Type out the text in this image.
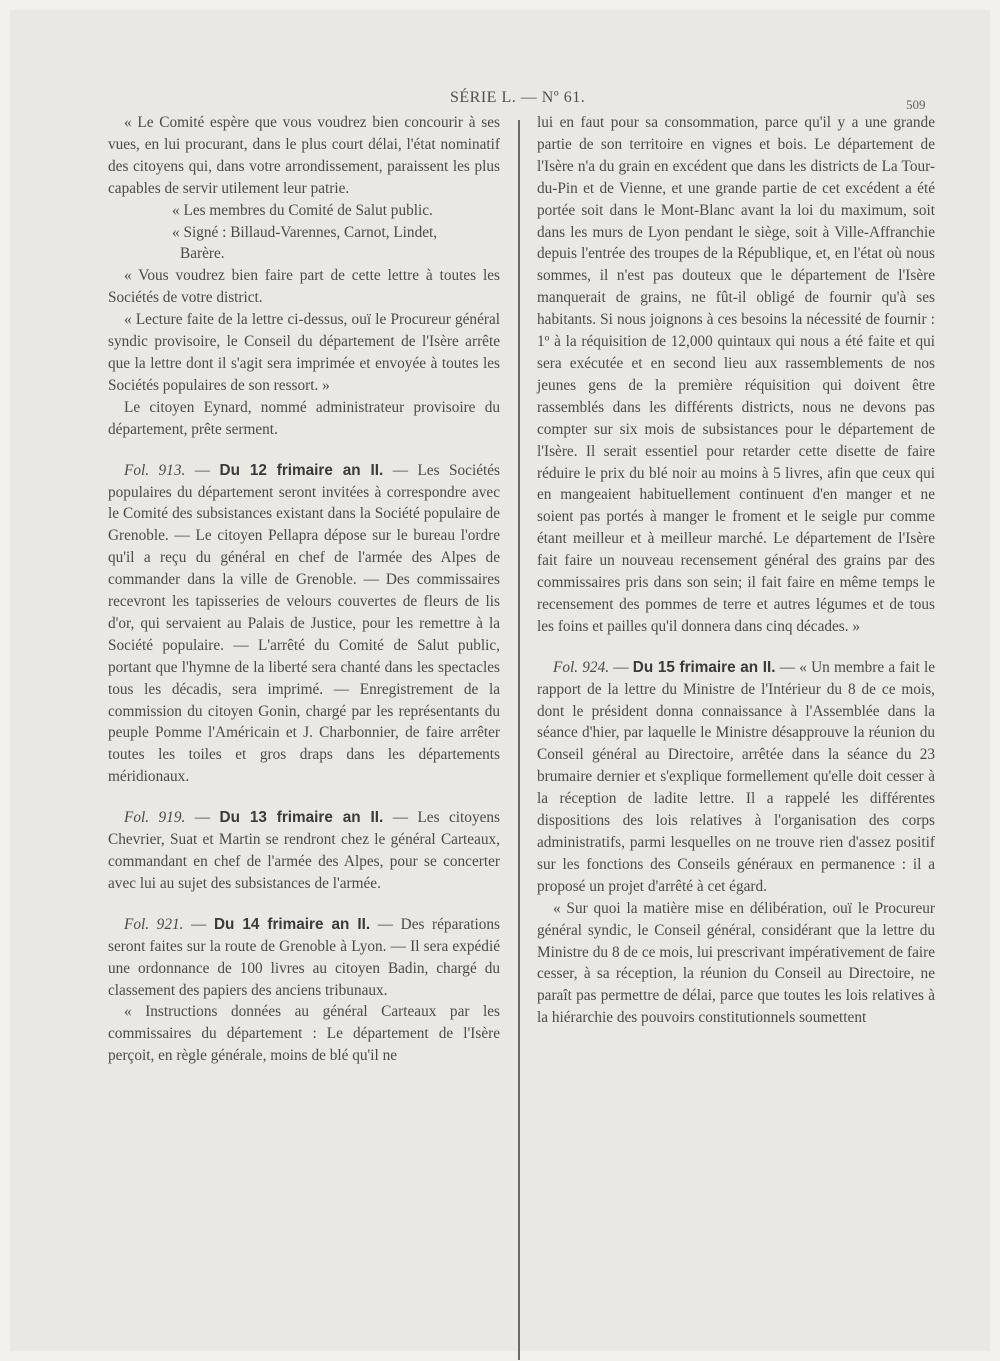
SÉRIE L. — Nº 61.	509

« Le Comité espère que vous voudrez bien concourir à ses vues, en lui procurant, dans le plus court délai, l'état nominatif des citoyens qui, dans votre arrondissement, paraissent les plus capables de servir utilement leur patrie.

« Les membres du Comité de Salut public.

« Signé : Billaud-Varennes, Carnot, Lindet,

Barère.

« Vous voudrez bien faire part de cette lettre à toutes les Sociétés de votre district.

« Lecture faite de la lettre ci-dessus, ouï le Procureur général syndic provisoire, le Conseil du département de l'Isère arrête que la lettre dont il s'agit sera imprimée et envoyée à toutes les Sociétés populaires de son ressort. »

Le citoyen Eynard, nommé administrateur provisoire du département, prête serment.

Fol. 913. — Du 12 frimaire an II. — Les Sociétés populaires du département seront invitées à correspondre avec le Comité des subsistances existant dans la Société populaire de Grenoble. — Le citoyen Pellapra dépose sur le bureau l'ordre qu'il a reçu du général en chef de l'armée des Alpes de commander dans la ville de Grenoble. — Des commissaires recevront les tapisseries de velours couvertes de fleurs de lis d'or, qui servaient au Palais de Justice, pour les remettre à la Société populaire. — L'arrêté du Comité de Salut public, portant que l'hymne de la liberté sera chanté dans les spectacles tous les décadis, sera imprimé. — Enregistrement de la commission du citoyen Gonin, chargé par les représentants du peuple Pomme l'Américain et J. Charbonnier, de faire arrêter toutes les toiles et gros draps dans les départements méridionaux.

Fol. 919. — Du 13 frimaire an II. — Les citoyens Chevrier, Suat et Martin se rendront chez le général Carteaux, commandant en chef de l'armée des Alpes, pour se concerter avec lui au sujet des subsistances de l'armée.

Fol. 921. — Du 14 frimaire an II. — Des réparations seront faites sur la route de Grenoble à Lyon. — Il sera expédié une ordonnance de 100 livres au citoyen Badin, chargé du classement des papiers des anciens tribunaux.

« Instructions données au général Carteaux par les commissaires du département : Le département de l'Isère perçoit, en règle générale, moins de blé qu'il ne

lui en faut pour sa consommation, parce qu'il y a une grande partie de son territoire en vignes et bois. Le département de l'Isère n'a du grain en excédent que dans les districts de La Tour-du-Pin et de Vienne, et une grande partie de cet excédent a été portée soit dans le Mont-Blanc avant la loi du maximum, soit dans les murs de Lyon pendant le siège, soit à Ville-Affranchie depuis l'entrée des troupes de la République, et, en l'état où nous sommes, il n'est pas douteux que le département de l'Isère manquerait de grains, ne fût-il obligé de fournir qu'à ses habitants. Si nous joignons à ces besoins la nécessité de fournir : 1º à la réquisition de 12,000 quintaux qui nous a été faite et qui sera exécutée et en second lieu aux rassemblements de nos jeunes gens de la première réquisition qui doivent être rassemblés dans les différents districts, nous ne devons pas compter sur six mois de subsistances pour le département de l'Isère. Il serait essentiel pour retarder cette disette de faire réduire le prix du blé noir au moins à 5 livres, afin que ceux qui en mangeaient habituellement continuent d'en manger et ne soient pas portés à manger le froment et le seigle pur comme étant meilleur et à meilleur marché. Le département de l'Isère fait faire un nouveau recensement général des grains par des commissaires pris dans son sein; il fait faire en même temps le recensement des pommes de terre et autres légumes et de tous les foins et pailles qu'il donnera dans cinq décades. »

Fol. 924. — Du 15 frimaire an II. — « Un membre a fait le rapport de la lettre du Ministre de l'Intérieur du 8 de ce mois, dont le président donna connaissance à l'Assemblée dans la séance d'hier, par laquelle le Ministre désapprouve la réunion du Conseil général au Directoire, arrêtée dans la séance du 23 brumaire dernier et s'explique formellement qu'elle doit cesser à la réception de ladite lettre. Il a rappelé les différentes dispositions des lois relatives à l'organisation des corps administratifs, parmi lesquelles on ne trouve rien d'assez positif sur les fonctions des Conseils généraux en permanence : il a proposé un projet d'arrêté à cet égard.

« Sur quoi la matière mise en délibération, ouï le Procureur général syndic, le Conseil général, considérant que la lettre du Ministre du 8 de ce mois, lui prescrivant impérativement de faire cesser, à sa réception, la réunion du Conseil au Directoire, ne paraît pas permettre de délai, parce que toutes les lois relatives à la hiérarchie des pouvoirs constitutionnels soumettent
